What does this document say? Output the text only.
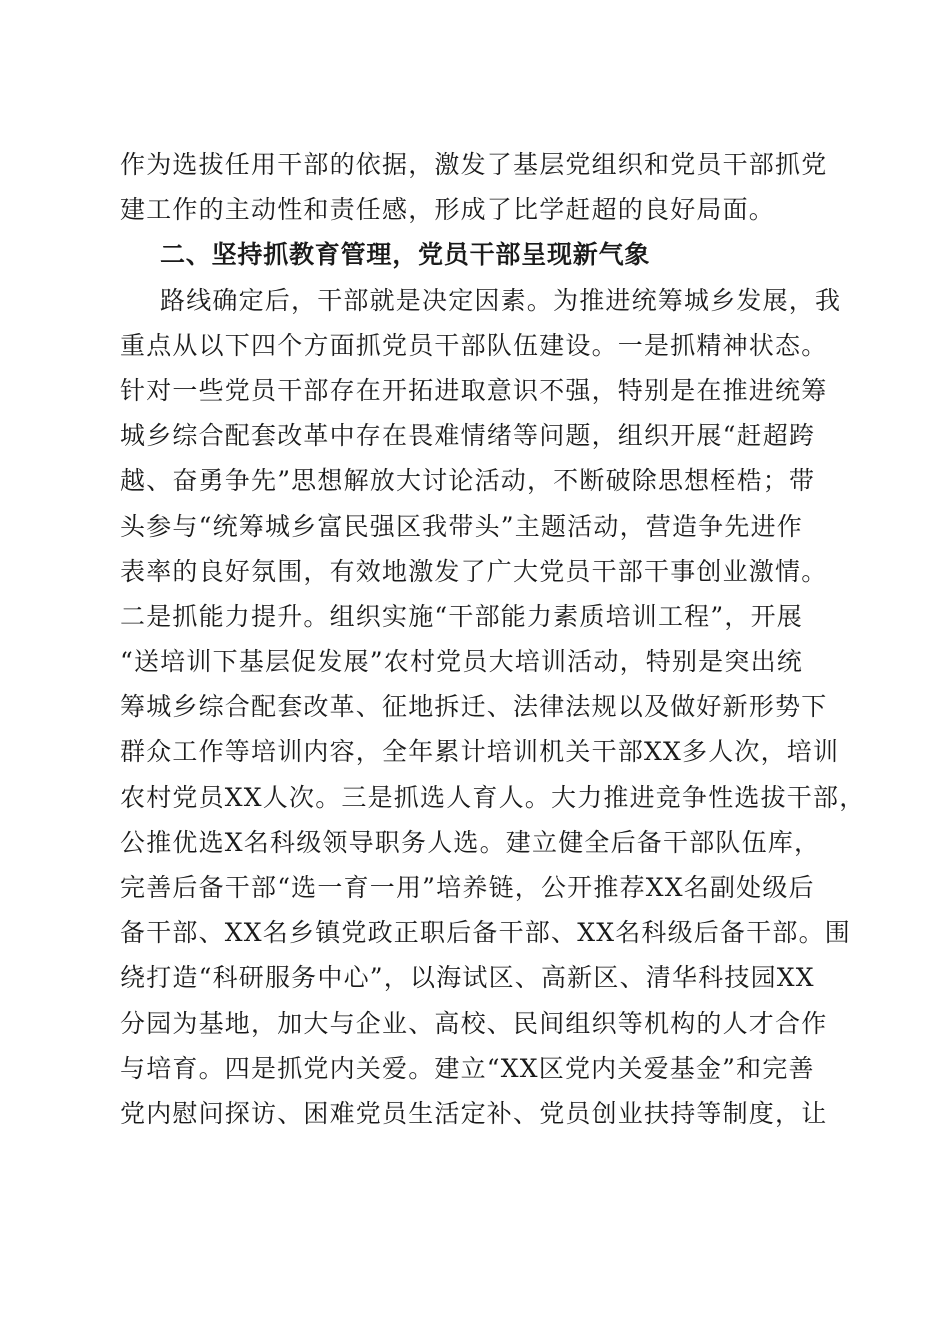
作为选拔任用干部的依据，激发了基层党组织和党员干部抓党
建工作的主动性和责任感，形成了比学赶超的良好局面。
二、坚持抓教育管理，党员干部呈现新气象
路线确定后，干部就是决定因素。为推进统筹城乡发展，我
重点从以下四个方面抓党员干部队伍建设。一是抓精神状态。
针对一些党员干部存在开拓进取意识不强，特别是在推进统筹
城乡综合配套改革中存在畏难情绪等问题，组织开展“赶超跨
越、奋勇争先”思想解放大讨论活动，不断破除思想桎梏；带
头参与“统筹城乡富民强区我带头”主题活动，营造争先进作
表率的良好氛围，有效地激发了广大党员干部干事创业激情。
二是抓能力提升。组织实施“干部能力素质培训工程”，开展
“送培训下基层促发展”农村党员大培训活动，特别是突出统
筹城乡综合配套改革、征地拆迁、法律法规以及做好新形势下
群众工作等培训内容，全年累计培训机关干部XX多人次，培训
农村党员XX人次。三是抓选人育人。大力推进竞争性选拔干部，
公推优选X名科级领导职务人选。建立健全后备干部队伍库，
完善后备干部“选一育一用”培养链，公开推荐XX名副处级后
备干部、XX名乡镇党政正职后备干部、XX名科级后备干部。围
绕打造“科研服务中心”，以海试区、高新区、清华科技园XX
分园为基地，加大与企业、高校、民间组织等机构的人才合作
与培育。四是抓党内关爱。建立“XX区党内关爱基金”和完善
党内慰问探访、困难党员生活定补、党员创业扶持等制度，让
